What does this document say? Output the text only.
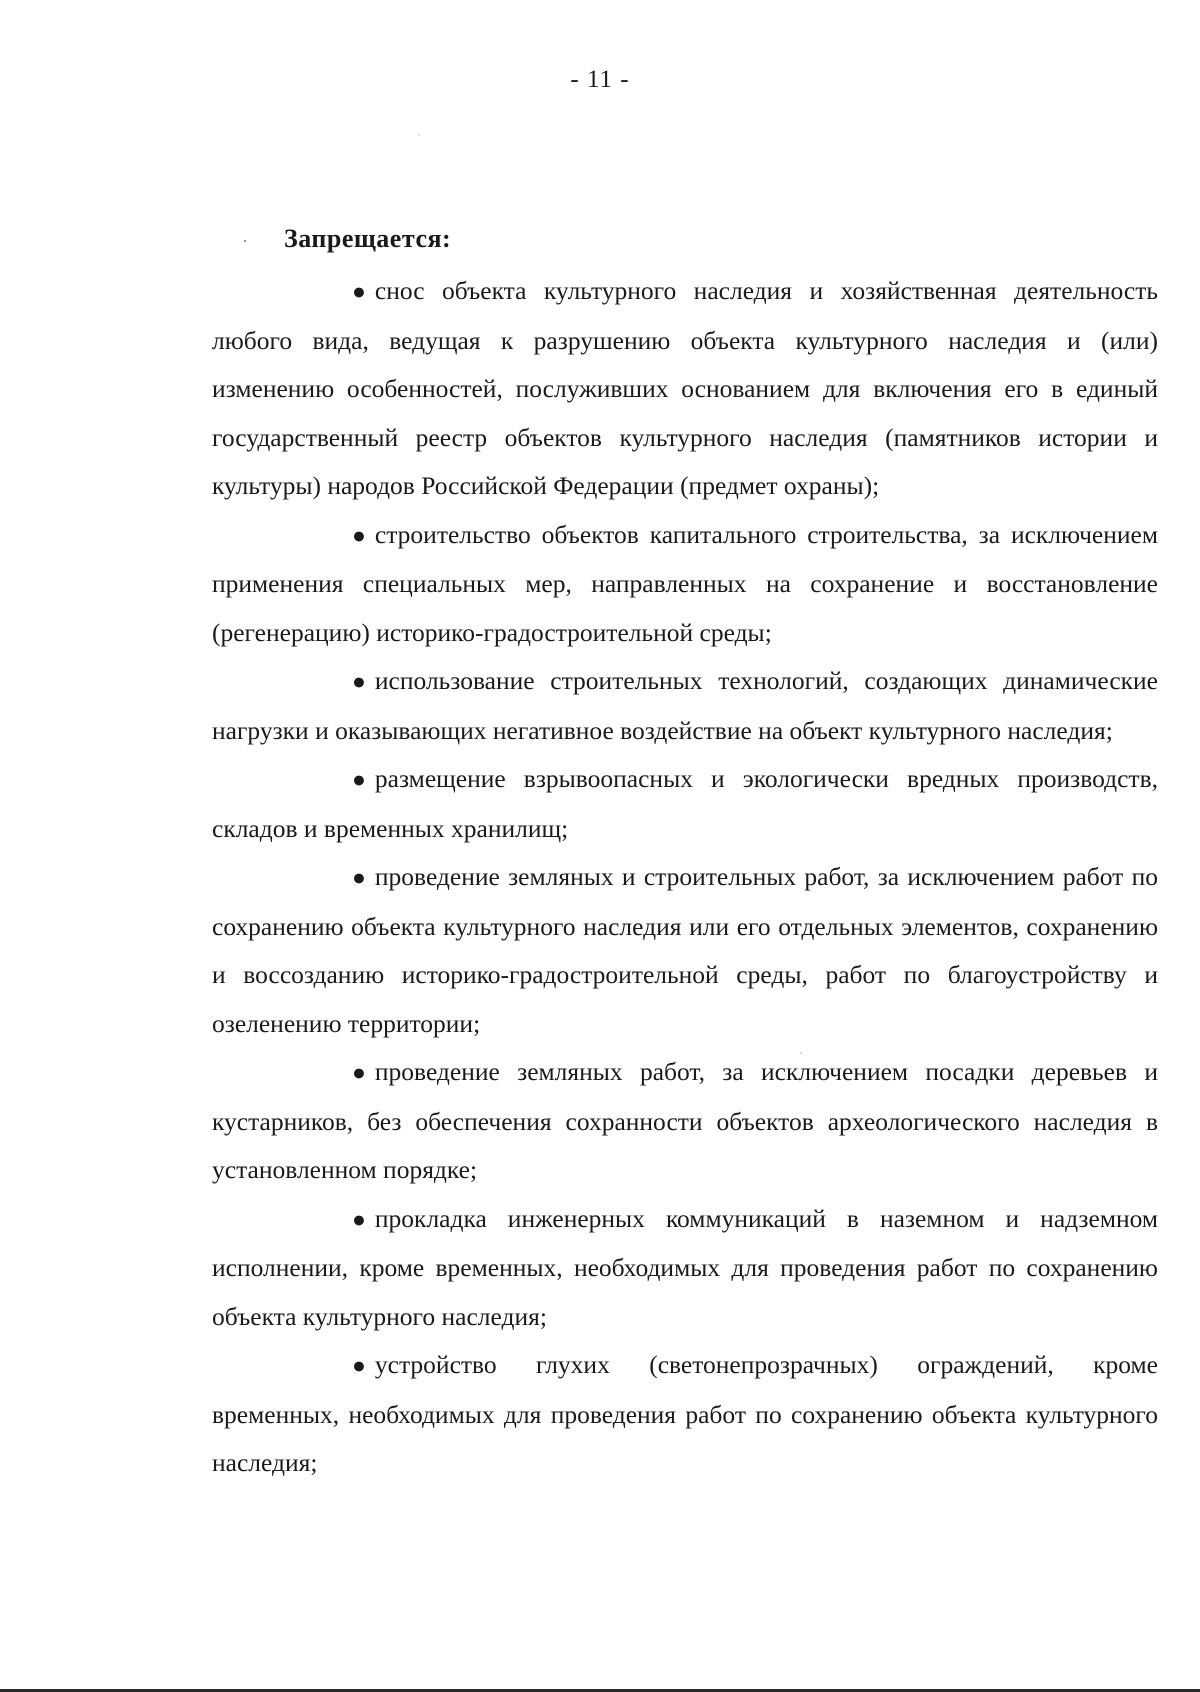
- 11 -
Запрещается:

● снос объекта культурного наследия и хозяйственная деятельность любого вида, ведущая к разрушению объекта культурного наследия и (или) изменению особенностей, послуживших основанием для включения его в единый государственный реестр объектов культурного наследия (памятников истории и культуры) народов Российской Федерации (предмет охраны);

● строительство объектов капитального строительства, за исключением применения специальных мер, направленных на сохранение и восстановление (регенерацию) историко-градостроительной среды;

● использование строительных технологий, создающих динамические нагрузки и оказывающих негативное воздействие на объект культурного наследия;

● размещение взрывоопасных и экологически вредных производств, складов и временных хранилищ;

● проведение земляных и строительных работ, за исключением работ по сохранению объекта культурного наследия или его отдельных элементов, сохранению и воссозданию историко-градостроительной среды, работ по благоустройству и озеленению территории;

● проведение земляных работ, за исключением посадки деревьев и кустарников, без обеспечения сохранности объектов археологического наследия в установленном порядке;

● прокладка инженерных коммуникаций в наземном и надземном исполнении, кроме временных, необходимых для проведения работ по сохранению объекта культурного наследия;

● устройство глухих (светонепрозрачных) ограждений, кроме временных, необходимых для проведения работ по сохранению объекта культурного наследия;
